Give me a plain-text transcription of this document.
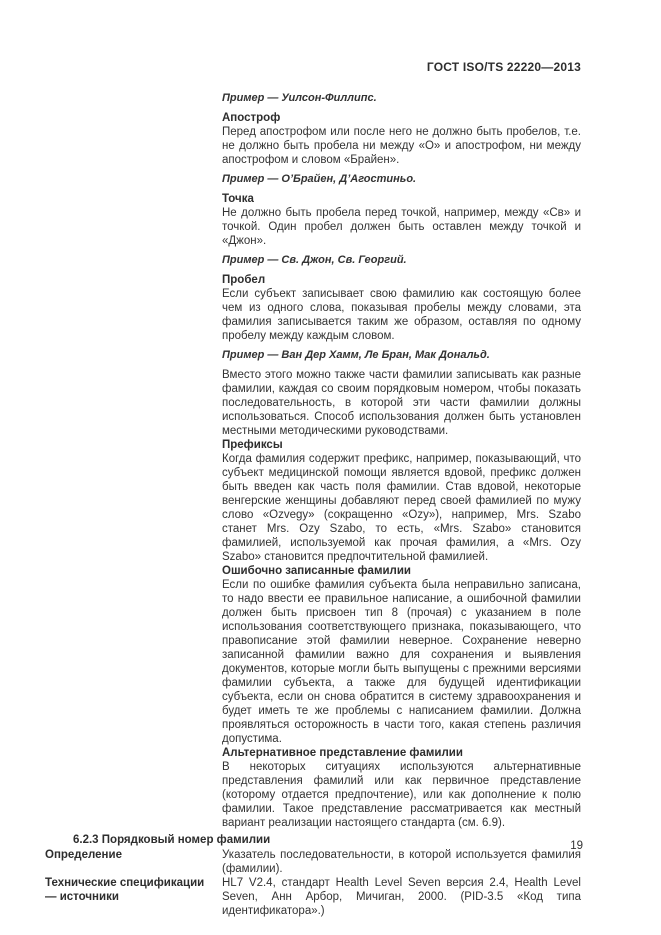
ГОСТ ISO/TS 22220—2013

Пример — Уилсон-Филлипс.

Апостроф

Перед апострофом или после него не должно быть пробелов, т.е. не должно быть пробела ни между «О» и апострофом, ни между апострофом и словом «Брайен».

Пример — О’Брайен, Д’Агостиньо.

Точка

Не должно быть пробела перед точкой, например, между «Св» и точкой. Один пробел должен быть оставлен между точкой и «Джон».

Пример — Св. Джон, Св. Георгий.

Пробел

Если субъект записывает свою фамилию как состоящую более чем из одного слова, показывая пробелы между словами, эта фамилия записывается таким же образом, оставляя по одному пробелу между каждым словом.

Пример — Ван Дер Хамм, Ле Бран, Мак Дональд.

Вместо этого можно также части фамилии записывать как разные фамилии, каждая со своим порядковым номером, чтобы показать последовательность, в которой эти части фамилии должны использоваться. Способ использования должен быть установлен местными методическими руководствами.

Префиксы

Когда фамилия содержит префикс, например, показывающий, что субъект медицинской помощи является вдовой, префикс должен быть введен как часть поля фамилии. Став вдовой, некоторые венгерские женщины добавляют перед своей фамилией по мужу слово «Ozvegy» (сокращенно «Ozy»), например, Mrs. Szabo станет Mrs. Ozy Szabo, то есть, «Mrs. Szabo» становится фамилией, используемой как прочая фамилия, а «Mrs. Ozy Szabo» становится предпочтительной фамилией.

Ошибочно записанные фамилии

Если по ошибке фамилия субъекта была неправильно записана, то надо ввести ее правильное написание, а ошибочной фамилии должен быть присвоен тип 8 (прочая) с указанием в поле использования соответствующего признака, показывающего, что правописание этой фамилии неверное. Сохранение неверно записанной фамилии важно для сохранения и выявления документов, которые могли быть выпущены с прежними версиями фамилии субъекта, а также для будущей идентификации субъекта, если он снова обратится в систему здравоохранения и будет иметь те же проблемы с написанием фамилии. Должна проявляться осторожность в части того, какая степень различия допустима.

Альтернативное представление фамилии

В некоторых ситуациях используются альтернативные представления фамилий или как первичное представление (которому отдается предпочтение), или как дополнение к полю фамилии. Такое представление рассматривается как местный вариант реализации настоящего стандарта (см. 6.9).

6.2.3 Порядковый номер фамилии
Определение	Указатель последовательности, в которой используется фамилия (фамилии).
Технические спецификации — источники
HL7 V2.4, стандарт Health Level Seven версия 2.4, Health Level Seven, Анн Арбор, Мичиган, 2000. (PID-3.5 «Код типа идентификатора».)
19
